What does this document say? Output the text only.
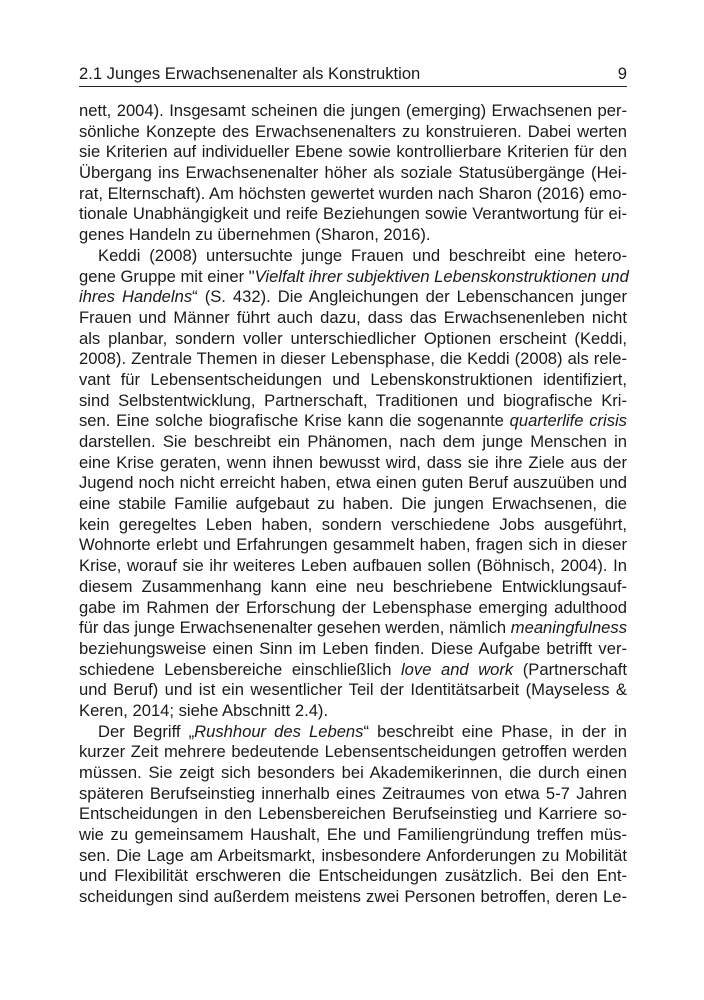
2.1 Junges Erwachsenenalter als Konstruktion	9
nett, 2004). Insgesamt scheinen die jungen (emerging) Erwachsenen per-
sönliche Konzepte des Erwachsenenalters zu konstruieren. Dabei werten
sie Kriterien auf individueller Ebene sowie kontrollierbare Kriterien für den
Übergang ins Erwachsenenalter höher als soziale Statusübergänge (Hei-
rat, Elternschaft). Am höchsten gewertet wurden nach Sharon (2016) emo-
tionale Unabhängigkeit und reife Beziehungen sowie Verantwortung für ei-
genes Handeln zu übernehmen (Sharon, 2016).
Keddi (2008) untersuchte junge Frauen und beschreibt eine hetero-
gene Gruppe mit einer "Vielfalt ihrer subjektiven Lebenskonstruktionen und
ihres Handelns“ (S. 432). Die Angleichungen der Lebenschancen junger
Frauen und Männer führt auch dazu, dass das Erwachsenenleben nicht
als planbar, sondern voller unterschiedlicher Optionen erscheint (Keddi,
2008). Zentrale Themen in dieser Lebensphase, die Keddi (2008) als rele-
vant für Lebensentscheidungen und Lebenskonstruktionen identifiziert,
sind Selbstentwicklung, Partnerschaft, Traditionen und biografische Kri-
sen. Eine solche biografische Krise kann die sogenannte quarterlife crisis
darstellen. Sie beschreibt ein Phänomen, nach dem junge Menschen in
eine Krise geraten, wenn ihnen bewusst wird, dass sie ihre Ziele aus der
Jugend noch nicht erreicht haben, etwa einen guten Beruf auszuüben und
eine stabile Familie aufgebaut zu haben. Die jungen Erwachsenen, die
kein geregeltes Leben haben, sondern verschiedene Jobs ausgeführt,
Wohnorte erlebt und Erfahrungen gesammelt haben, fragen sich in dieser
Krise, worauf sie ihr weiteres Leben aufbauen sollen (Böhnisch, 2004). In
diesem Zusammenhang kann eine neu beschriebene Entwicklungsauf-
gabe im Rahmen der Erforschung der Lebensphase emerging adulthood
für das junge Erwachsenenalter gesehen werden, nämlich meaningfulness
beziehungsweise einen Sinn im Leben finden. Diese Aufgabe betrifft ver-
schiedene Lebensbereiche einschließlich love and work (Partnerschaft
und Beruf) und ist ein wesentlicher Teil der Identitätsarbeit (Mayseless &
Keren, 2014; siehe Abschnitt 2.4).
Der Begriff „Rushhour des Lebens“ beschreibt eine Phase, in der in
kurzer Zeit mehrere bedeutende Lebensentscheidungen getroffen werden
müssen. Sie zeigt sich besonders bei Akademikerinnen, die durch einen
späteren Berufseinstieg innerhalb eines Zeitraumes von etwa 5-7 Jahren
Entscheidungen in den Lebensbereichen Berufseinstieg und Karriere so-
wie zu gemeinsamem Haushalt, Ehe und Familiengründung treffen müs-
sen. Die Lage am Arbeitsmarkt, insbesondere Anforderungen zu Mobilität
und Flexibilität erschweren die Entscheidungen zusätzlich. Bei den Ent-
scheidungen sind außerdem meistens zwei Personen betroffen, deren Le-
